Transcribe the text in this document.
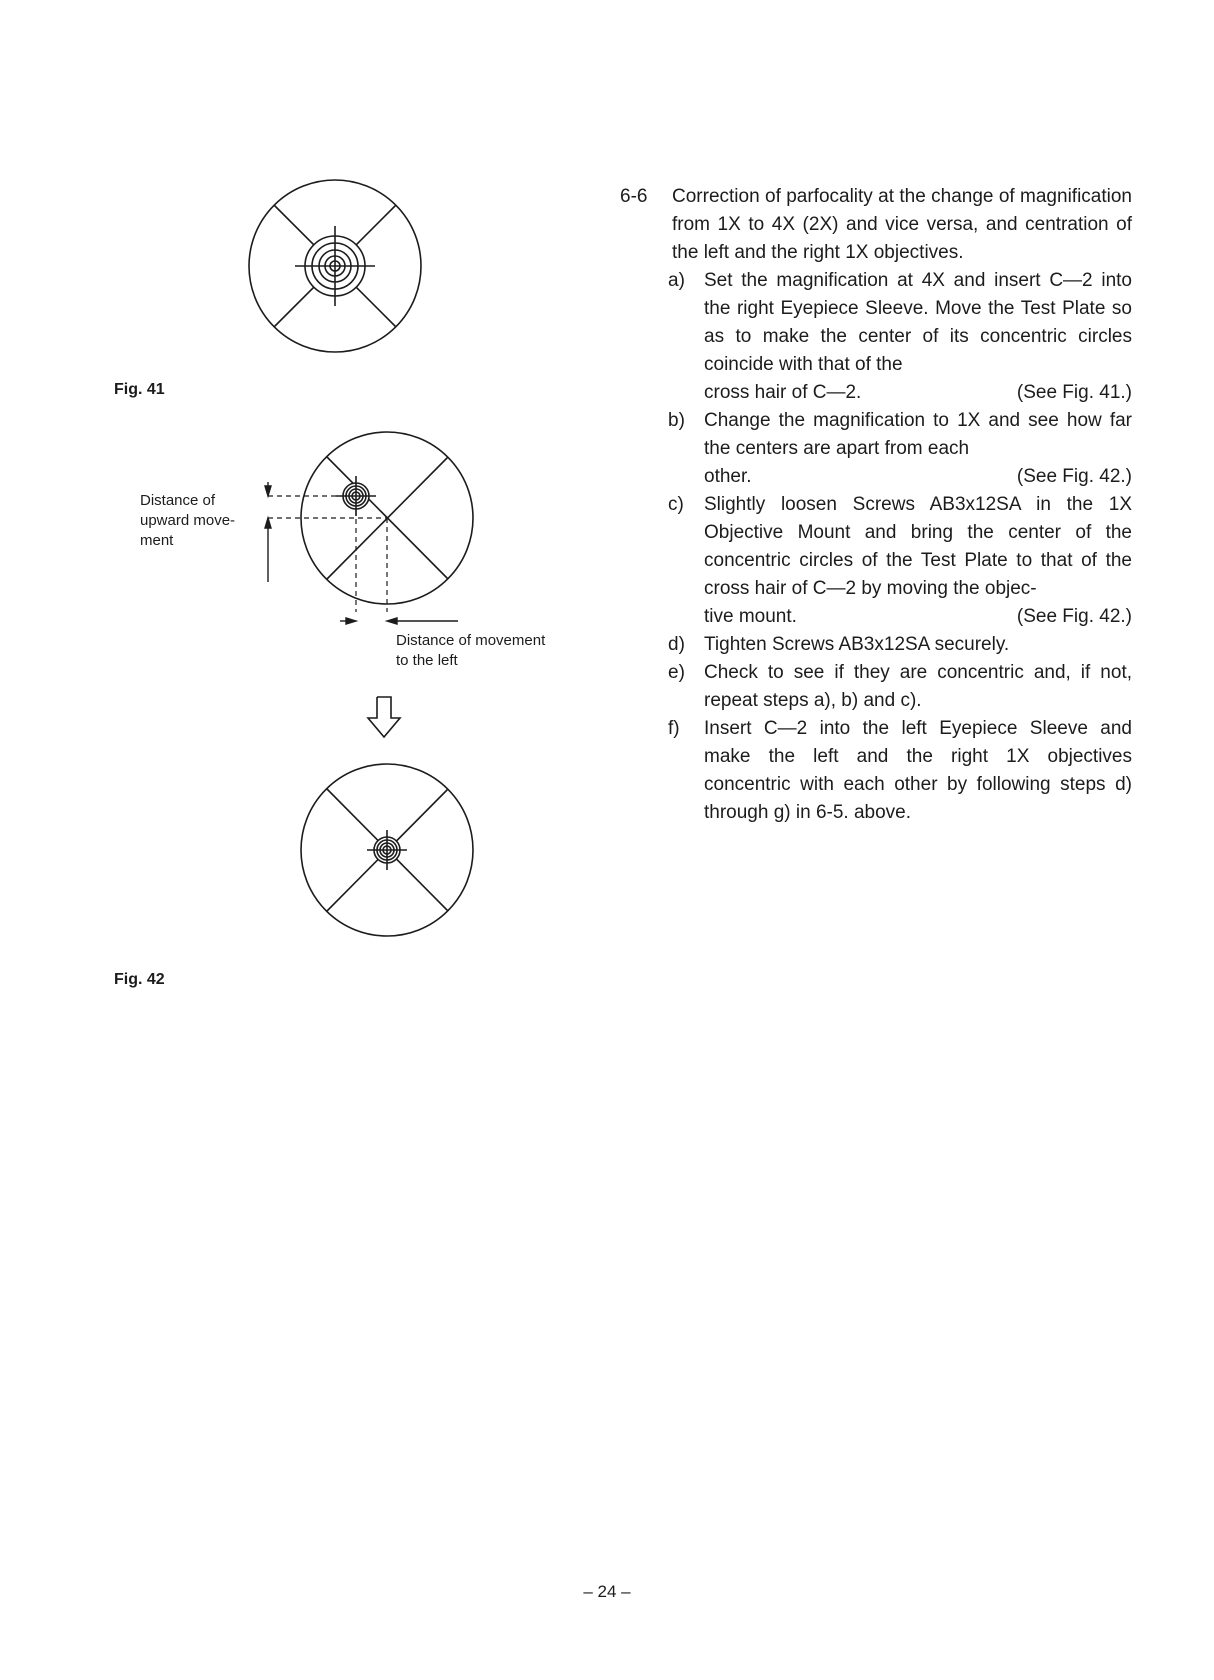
Fig. 41
Fig. 42
Distance of
upward move-
ment
Distance of movement
to the left
6-6 Correction of parfocality at the change of magnification from 1X to 4X (2X) and vice versa, and centration of the left and the right 1X objectives.

a) Set the magnification at 4X and insert C—2 into the right Eyepiece Sleeve. Move the Test Plate so as to make the center of its concentric circles coincide with that of the
cross hair of C—2.	(See Fig. 41.)

b) Change the magnification to 1X and see how far the centers are apart from each
other.	(See Fig. 42.)

c) Slightly loosen Screws AB3x12SA in the 1X Objective Mount and bring the center of the concentric circles of the Test Plate to that of the cross hair of C—2 by moving the objec-
tive mount.	(See Fig. 42.)

d) Tighten Screws AB3x12SA securely.

e) Check to see if they are concentric and, if not, repeat steps a), b) and c).

f) Insert C—2 into the left Eyepiece Sleeve and make the left and the right 1X objectives concentric with each other by following steps d) through g) in 6-5. above.

– 24 –
